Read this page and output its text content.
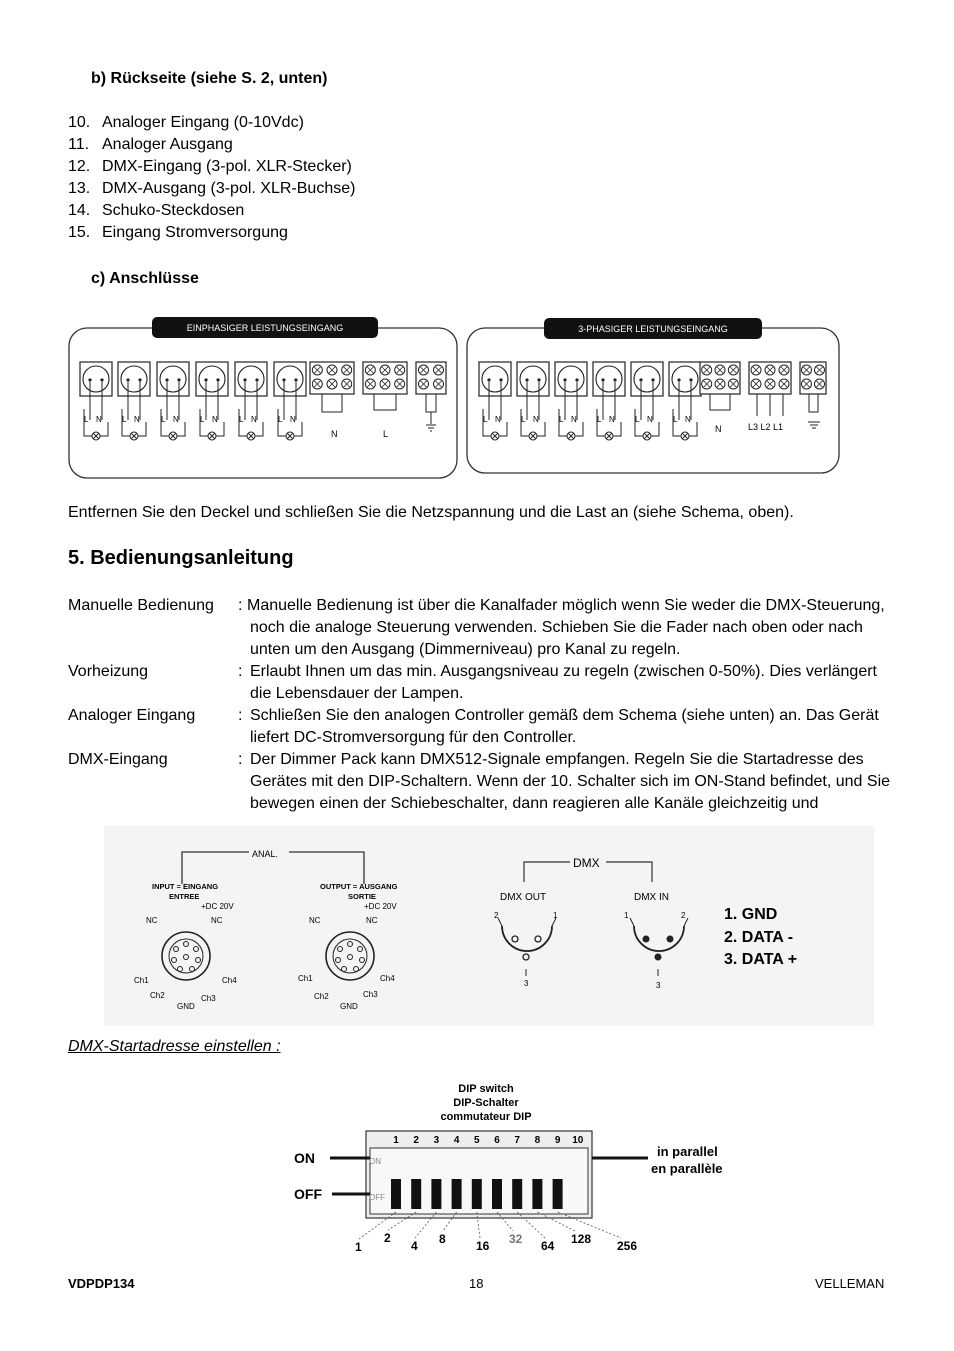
b) Rückseite (siehe S. 2, unten)
10. Analoger Eingang (0-10Vdc)
11. Analoger Ausgang
12. DMX-Eingang (3-pol. XLR-Stecker)
13. DMX-Ausgang (3-pol. XLR-Buchse)
14. Schuko-Steckdosen
15. Eingang Stromversorgung
c) Anschlüsse
EINPHASIGER LEISTUNGSEINGANG	3-PHASIGER LEISTUNGSEINGANG
L N	L N	L N	L N	L N	L N	L N	L N	L N	L N	L N	L N
N	L	N	L3 L2 L1
Entfernen Sie den Deckel und schließen Sie die Netzspannung und die Last an (siehe Schema, oben).
5. Bedienungsanleitung
Manuelle Bedienung	: Manuelle Bedienung ist über die Kanalfader möglich wenn Sie weder die DMX-Steuerung,
noch die analoge Steuerung verwenden. Schieben Sie die Fader nach oben oder nach
unten um den Ausgang (Dimmerniveau) pro Kanal zu regeln.
Vorheizung	: Erlaubt Ihnen um das min. Ausgangsniveau zu regeln (zwischen 0-50%). Dies verlängert
die Lebensdauer der Lampen.
Analoger Eingang	: Schließen Sie den analogen Controller gemäß dem Schema (siehe unten) an. Das Gerät
liefert DC-Stromversorgung für den Controller.
DMX-Eingang	: Der Dimmer Pack kann DMX512-Signale empfangen. Regeln Sie die Startadresse des
Gerätes mit den DIP-Schaltern. Wenn der 10. Schalter sich im ON-Stand befindet, und Sie
bewegen einen der Schiebeschalter, dann reagieren alle Kanäle gleichzeitig und
ANAL.
INPUT = EINGANG
ENTREE
+DC 20V
NC	NC
Ch1	Ch4
Ch2	Ch3
GND
OUTPUT = AUSGANG
SORTIE
+DC 20V
NC	NC
Ch1	Ch4
Ch2	Ch3
GND
DMX
DMX OUT	DMX IN
2	1
3
1	2
3
1. GND
2. DATA -
3. DATA +
DMX-Startadresse einstellen :
DIP switch
DIP-Schalter
commutateur DIP
1 2 3 4 5 6 7 8 9 10
ON
OFF
ON
OFF
in parallel
en parallèle
1
2
4 8	16 32 64 128 256
VDPDP134	18	VELLEMAN
